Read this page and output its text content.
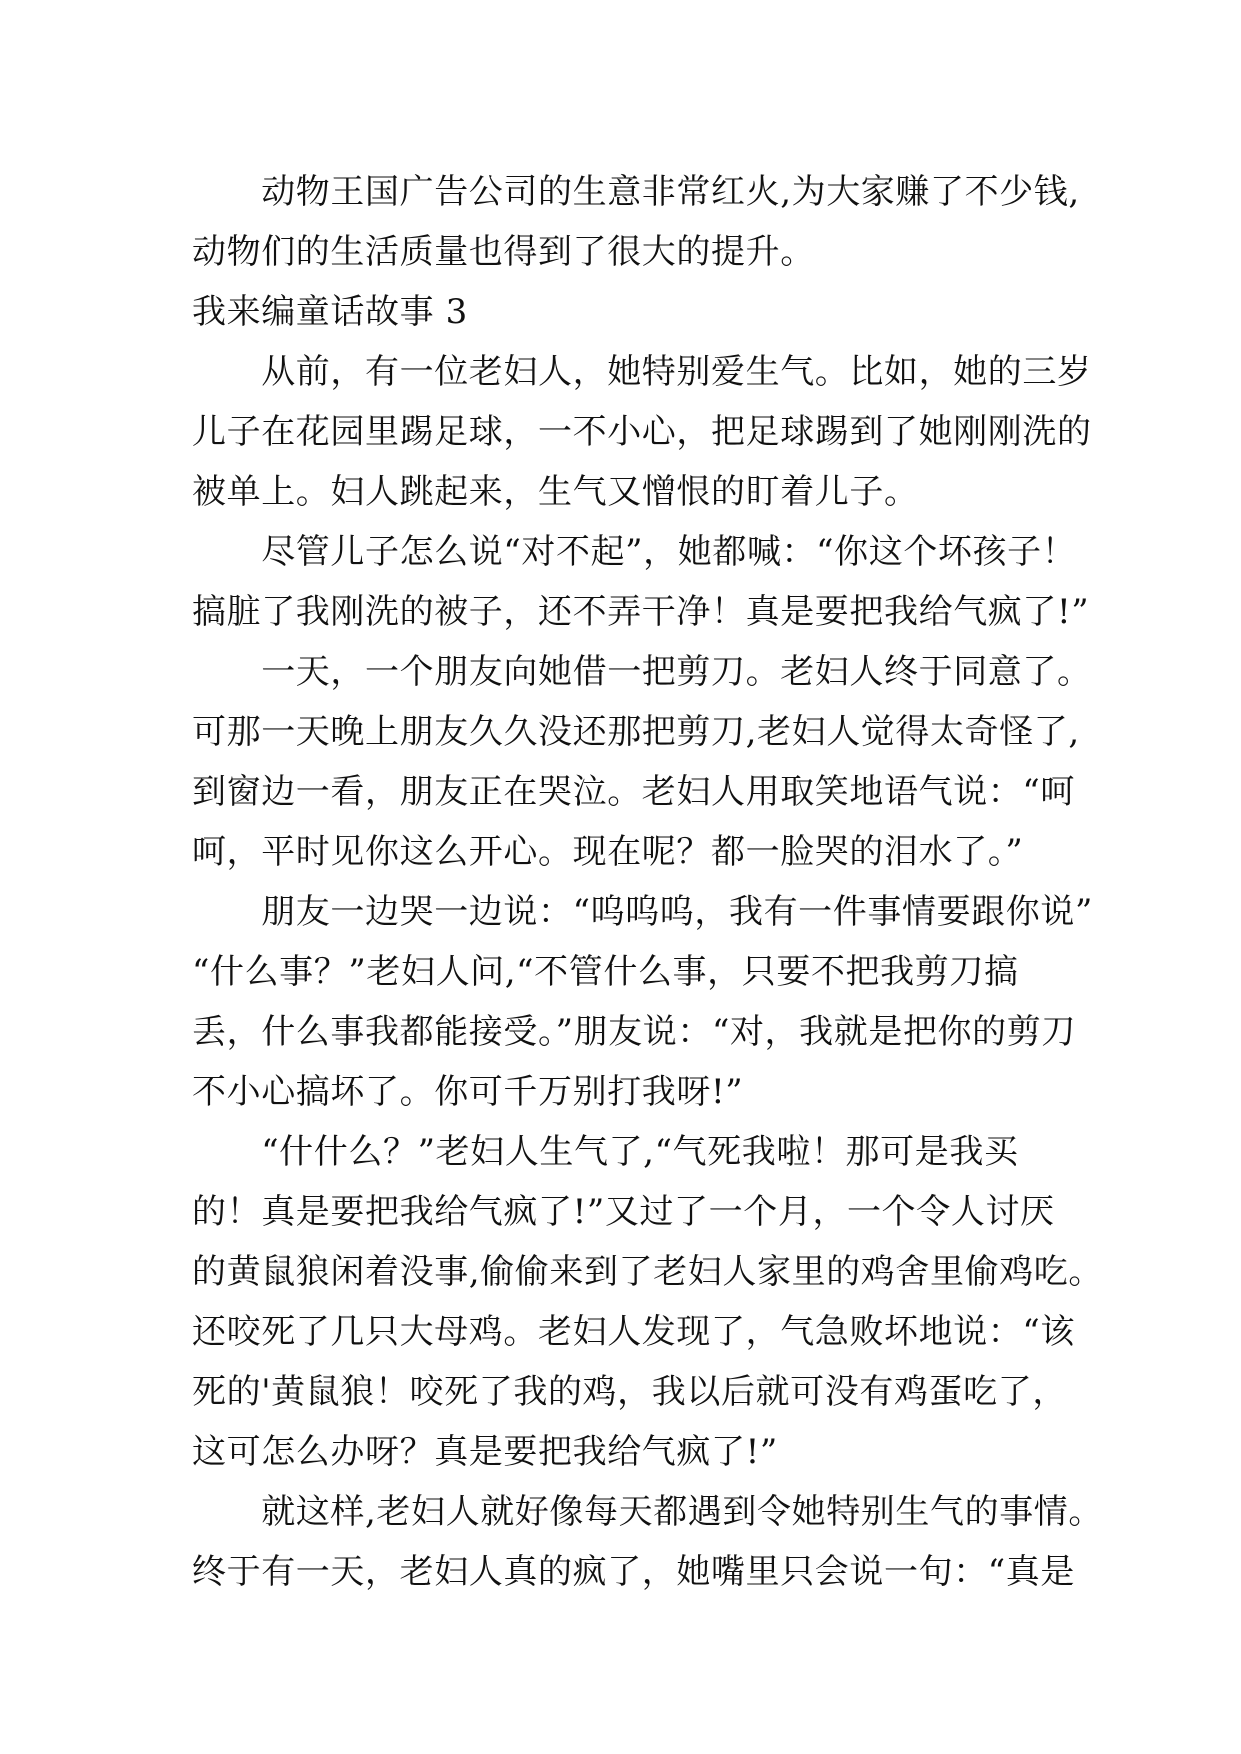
　　动物王国广告公司的生意非常红火,为大家赚了不少钱,
动物们的生活质量也得到了很大的提升。
我来编童话故事 3
　　从前，有一位老妇人，她特别爱生气。比如，她的三岁
儿子在花园里踢足球，一不小心，把足球踢到了她刚刚洗的
被单上。妇人跳起来，生气又憎恨的盯着儿子。
　　尽管儿子怎么说“对不起”，她都喊：“你这个坏孩子！
搞脏了我刚洗的被子，还不弄干净！真是要把我给气疯了!”
　　一天，一个朋友向她借一把剪刀。老妇人终于同意了。
可那一天晚上朋友久久没还那把剪刀,老妇人觉得太奇怪了,
到窗边一看，朋友正在哭泣。老妇人用取笑地语气说：“呵
呵，平时见你这么开心。现在呢？都一脸哭的泪水了。”
　　朋友一边哭一边说：“呜呜呜，我有一件事情要跟你说”
“什么事？”老妇人问,“不管什么事，只要不把我剪刀搞
丢，什么事我都能接受。”朋友说：“对，我就是把你的剪刀
不小心搞坏了。你可千万别打我呀!”
　　“什什么？”老妇人生气了,“气死我啦！那可是我买
的！真是要把我给气疯了!”又过了一个月，一个令人讨厌
的黄鼠狼闲着没事,偷偷来到了老妇人家里的鸡舍里偷鸡吃。
还咬死了几只大母鸡。老妇人发现了，气急败坏地说：“该
死的'黄鼠狼！咬死了我的鸡，我以后就可没有鸡蛋吃了，
这可怎么办呀？真是要把我给气疯了!”
　　就这样,老妇人就好像每天都遇到令她特别生气的事情。
终于有一天，老妇人真的疯了，她嘴里只会说一句：“真是
